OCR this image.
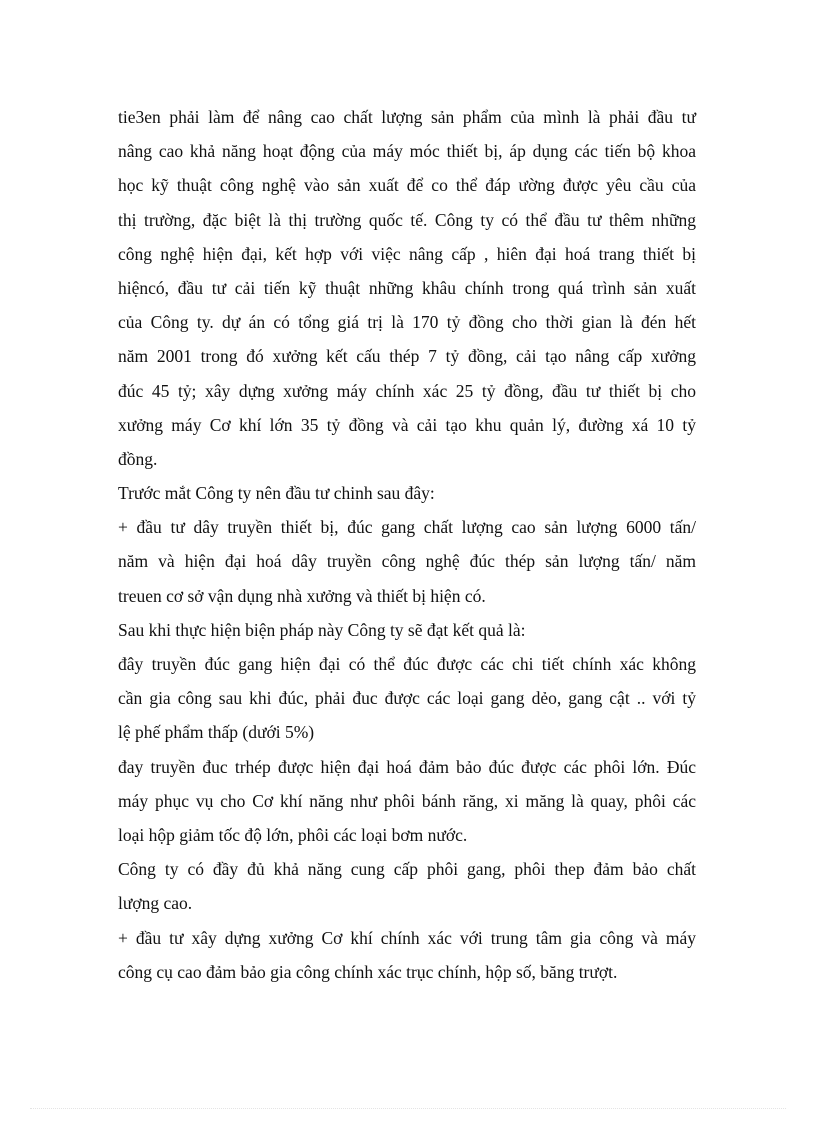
tie3en phải làm để nâng cao chất lượng sản phẩm của mình là phải đầu tư
nâng cao khả năng hoạt động của máy móc thiết bị, áp dụng các tiến bộ khoa
học kỹ thuật công nghệ vào sản xuất để co thể đáp ường được yêu cầu của
thị trường, đặc biệt là thị trường quốc tế. Công ty có thể đầu tư thêm những
công nghệ hiện đại, kết hợp với việc nâng cấp , hiên đại hoá trang thiết bị
hiệncó, đầu tư cải tiến kỹ thuật những khâu chính trong quá trình sản xuất
của Công ty. dự án có tổng giá trị là 170 tỷ đồng cho thời gian là đén hết
năm 2001 trong đó xưởng kết cấu thép 7 tỷ đồng, cải tạo nâng cấp xưởng
đúc 45 tỷ; xây dựng xưởng máy chính xác 25 tỷ đồng, đầu tư thiết bị cho
xưởng máy Cơ khí lớn 35 tỷ đồng và cải tạo khu quản lý, đường xá 10 tỷ
đồng.
Trước mắt Công ty nên đầu tư chinh sau đây:
+ đầu tư dây truyền thiết bị, đúc gang chất lượng cao sản lượng 6000 tấn/
năm và hiện đại hoá dây truyền công nghệ đúc thép sản lượng tấn/ năm
treuen cơ sở vận dụng nhà xưởng và thiết bị hiện có.
Sau khi thực hiện biện pháp này Công ty sẽ đạt kết quả là:
đây truyền đúc gang hiện đại có thể đúc được các chi tiết chính xác không
cần gia công sau khi đúc, phải đuc được các loại gang dẻo, gang cật .. với tỷ
lệ phế phẩm thấp (dưới 5%)
đay truyền đuc trhép được hiện đại hoá đảm bảo đúc được các phôi lớn. Đúc
máy phục vụ cho Cơ khí năng như phôi bánh răng, xi măng là quay, phôi các
loại hộp giảm tốc độ lớn, phôi các loại bơm nước.
Công ty có đầy đủ khả năng cung cấp phôi gang, phôi thep đảm bảo chất
lượng cao.
+ đầu tư xây dựng xưởng Cơ khí chính xác với trung tâm gia công và máy
công cụ cao đảm bảo gia công chính xác trục chính, hộp số, băng trượt.
